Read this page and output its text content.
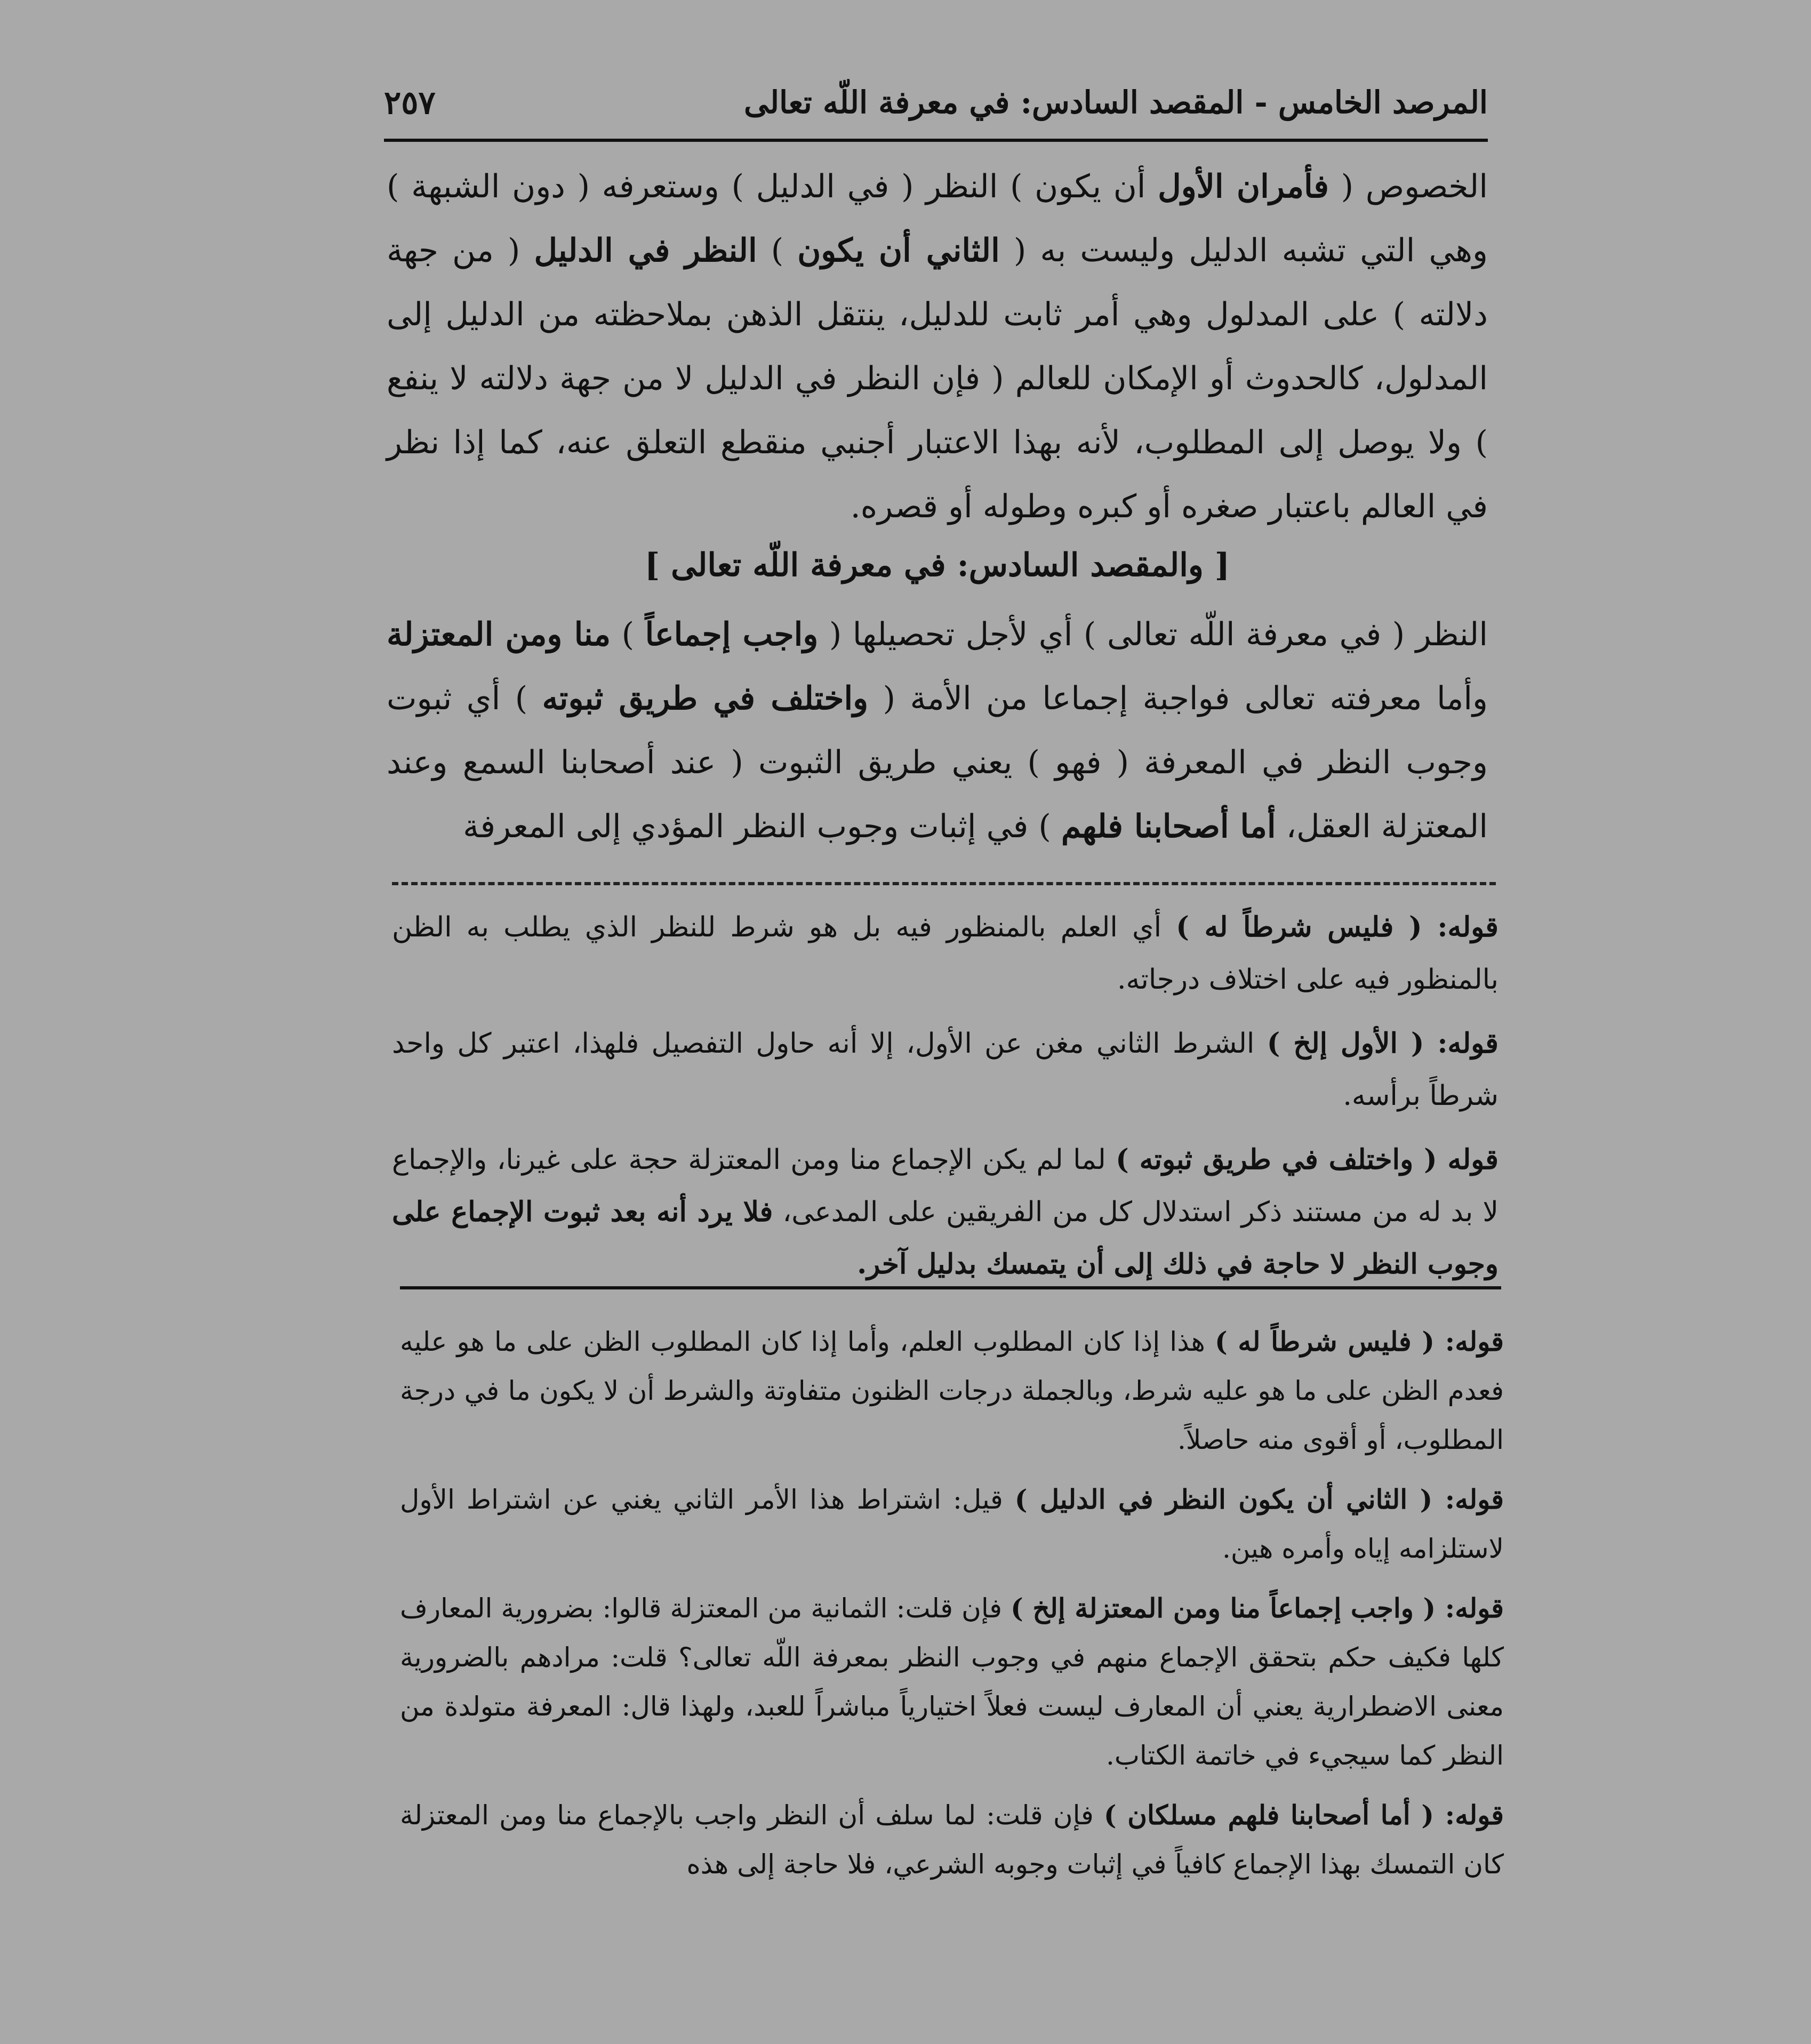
المرصد الخامس - المقصد السادس: في معرفة اللّه تعالى
٢٥٧

الخصوص ( فأمران الأول أن يكون ) النظر ( في الدليل ) وستعرفه ( دون الشبهة ) وهي التي تشبه الدليل وليست به ( الثاني أن يكون ) النظر في الدليل ( من جهة دلالته ) على المدلول وهي أمر ثابت للدليل، ينتقل الذهن بملاحظته من الدليل إلى المدلول، كالحدوث أو الإمكان للعالم ( فإن النظر في الدليل لا من جهة دلالته لا ينفع ) ولا يوصل إلى المطلوب، لأنه بهذا الاعتبار أجنبي منقطع التعلق عنه، كما إذا نظر في العالم باعتبار صغره أو كبره وطوله أو قصره.

[ والمقصد السادس: في معرفة اللّه تعالى ]

النظر ( في معرفة اللّه تعالى ) أي لأجل تحصيلها ( واجب إجماعاً ) منا ومن المعتزلة وأما معرفته تعالى فواجبة إجماعا من الأمة ( واختلف في طريق ثبوته ) أي ثبوت وجوب النظر في المعرفة ( فهو ) يعني طريق الثبوت ( عند أصحابنا السمع وعند المعتزلة العقل، أما أصحابنا فلهم ) في إثبات وجوب النظر المؤدي إلى المعرفة

قوله: ( فليس شرطاً له ) أي العلم بالمنظور فيه بل هو شرط للنظر الذي يطلب به الظن بالمنظور فيه على اختلاف درجاته.

قوله: ( الأول إلخ ) الشرط الثاني مغن عن الأول، إلا أنه حاول التفصيل فلهذا، اعتبر كل واحد شرطاً برأسه.

قوله ( واختلف في طريق ثبوته ) لما لم يكن الإجماع منا ومن المعتزلة حجة على غيرنا، والإجماع لا بد له من مستند ذكر استدلال كل من الفريقين على المدعى، فلا يرد أنه بعد ثبوت الإجماع على وجوب النظر لا حاجة في ذلك إلى أن يتمسك بدليل آخر.

قوله: ( فليس شرطاً له ) هذا إذا كان المطلوب العلم، وأما إذا كان المطلوب الظن على ما هو عليه فعدم الظن على ما هو عليه شرط، وبالجملة درجات الظنون متفاوتة والشرط أن لا يكون ما في درجة المطلوب، أو أقوى منه حاصلاً.

قوله: ( الثاني أن يكون النظر في الدليل ) قيل: اشتراط هذا الأمر الثاني يغني عن اشتراط الأول لاستلزامه إياه وأمره هين.

قوله: ( واجب إجماعاً منا ومن المعتزلة إلخ ) فإن قلت: الثمانية من المعتزلة قالوا: بضرورية المعارف كلها فكيف حكم بتحقق الإجماع منهم في وجوب النظر بمعرفة اللّه تعالى؟ قلت: مرادهم بالضرورية معنى الاضطرارية يعني أن المعارف ليست فعلاً اختيارياً مباشراً للعبد، ولهذا قال: المعرفة متولدة من النظر كما سيجيء في خاتمة الكتاب.

قوله: ( أما أصحابنا فلهم مسلكان ) فإن قلت: لما سلف أن النظر واجب بالإجماع منا ومن المعتزلة كان التمسك بهذا الإجماع كافياً في إثبات وجوبه الشرعي، فلا حاجة إلى هذه
